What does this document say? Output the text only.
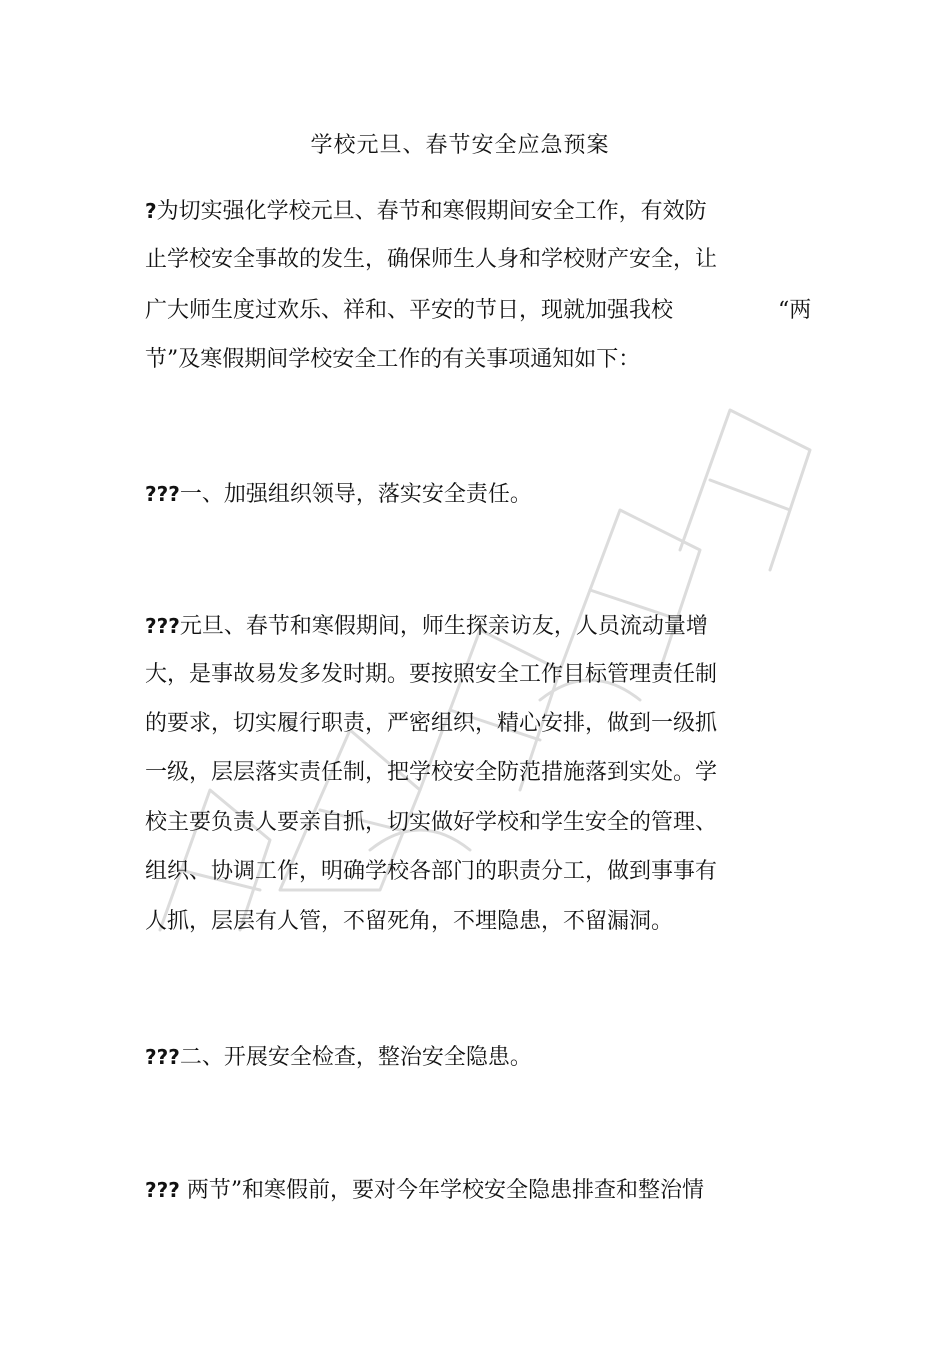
学校元旦、春节安全应急预案
?为切实强化学校元旦、春节和寒假期间安全工作，有效防
止学校安全事故的发生，确保师生人身和学校财产安全，让
广大师生度过欢乐、祥和、平安的节日，现就加强我校	“两
节”及寒假期间学校安全工作的有关事项通知如下：
???一、加强组织领导，落实安全责任。
???元旦、春节和寒假期间，师生探亲访友，人员流动量增
大，是事故易发多发时期。要按照安全工作目标管理责任制
的要求，切实履行职责，严密组织，精心安排，做到一级抓
一级，层层落实责任制，把学校安全防范措施落到实处。学
校主要负责人要亲自抓，切实做好学校和学生安全的管理、
组织、协调工作，明确学校各部门的职责分工，做到事事有
人抓，层层有人管，不留死角，不埋隐患，不留漏洞。
???二、开展安全检查，整治安全隐患。
??? 两节”和寒假前，要对今年学校安全隐患排查和整治情
